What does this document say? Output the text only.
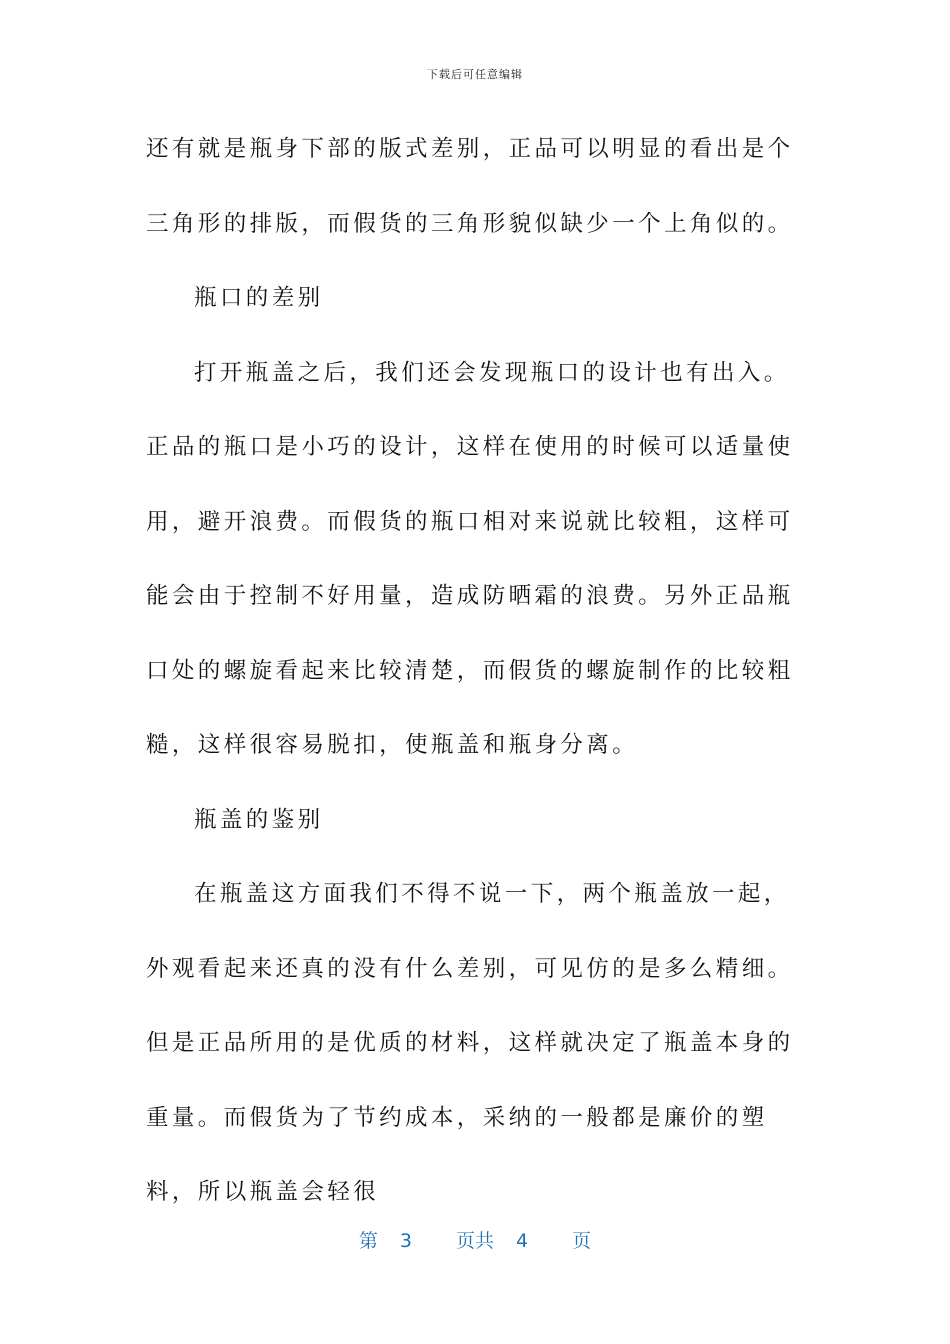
下载后可任意编辑

还有就是瓶身下部的版式差别，正品可以明显的看出是个三角形的排版，而假货的三角形貌似缺少一个上角似的。

瓶口的差别

打开瓶盖之后，我们还会发现瓶口的设计也有出入。正品的瓶口是小巧的设计，这样在使用的时候可以适量使用，避开浪费。而假货的瓶口相对来说就比较粗，这样可能会由于控制不好用量，造成防晒霜的浪费。另外正品瓶口处的螺旋看起来比较清楚，而假货的螺旋制作的比较粗糙，这样很容易脱扣，使瓶盖和瓶身分离。

瓶盖的鉴别

在瓶盖这方面我们不得不说一下，两个瓶盖放一起，外观看起来还真的没有什么差别，可见仿的是多么精细。但是正品所用的是优质的材料，这样就决定了瓶盖本身的重量。而假货为了节约成本，采纳的一般都是廉价的塑料，所以瓶盖会轻很

第 3 页共 4 页
